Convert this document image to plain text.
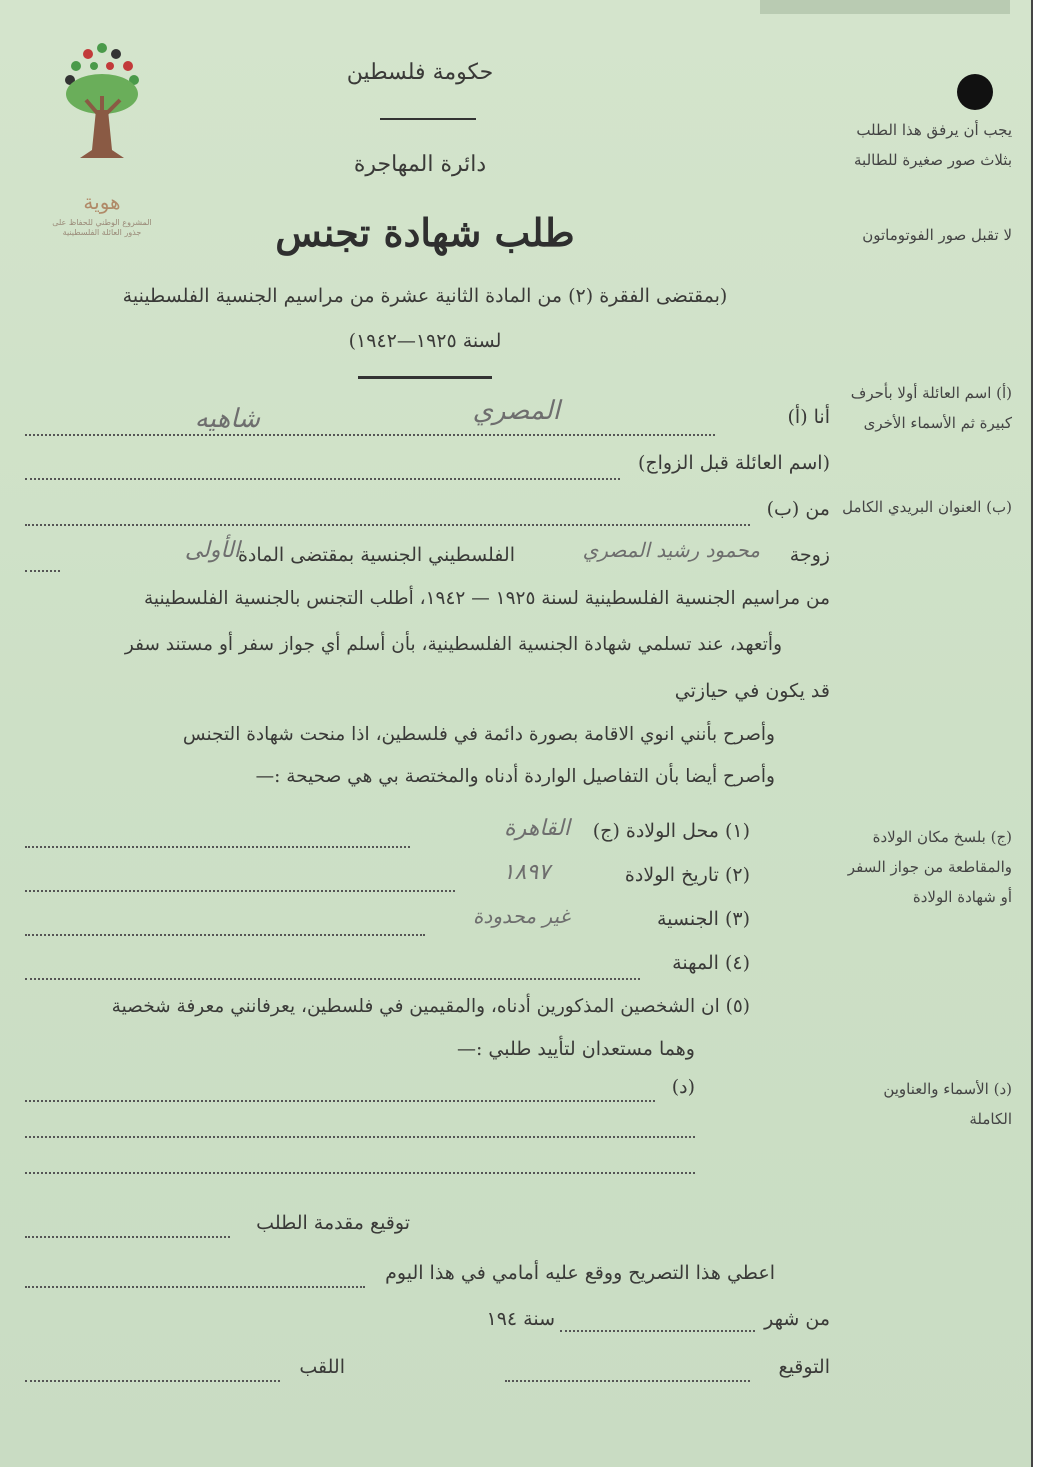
هوية
المشروع الوطني للحفاظ على جذور العائلة الفلسطينية
حكومة فلسطين
دائرة المهاجرة
طلب شهادة تجنس
(بمقتضى الفقرة (٢) من المادة الثانية عشرة من مراسيم الجنسية الفلسطينية
لسنة ١٩٢٥—١٩٤٢)
يجب أن يرفق هذا الطلب بثلاث صور صغيرة للطالبة
لا تقبل صور الفوتوماتون
(أ) اسم العائلة أولا بأحرف كبيرة ثم الأسماء الأخرى
(ب) العنوان البريدي الكامل
(ج) بلسخ مكان الولادة والمقاطعة من جواز السفر أو شهادة الولادة
(د) الأسماء والعناوين الكاملة
أنا (أ)
المصري
شاهيه
(اسم العائلة قبل الزواج)
من (ب)
زوجة
محمود رشيد المصري
الفلسطيني الجنسية بمقتضى المادة
الأولى
من مراسيم الجنسية الفلسطينية لسنة ١٩٢٥ — ١٩٤٢، أطلب التجنس بالجنسية الفلسطينية
وأتعهد، عند تسلمي شهادة الجنسية الفلسطينية، بأن أسلم أي جواز سفر أو مستند سفر
قد يكون في حيازتي
وأصرح بأنني انوي الاقامة بصورة دائمة في فلسطين، اذا منحت شهادة التجنس
وأصرح أيضا بأن التفاصيل الواردة أدناه والمختصة بي هي صحيحة :—
(١) محل الولادة (ج)
القاهرة
(٢) تاريخ الولادة
١٨٩٧
(٣) الجنسية
غير محدودة
(٤) المهنة
(٥) ان الشخصين المذكورين أدناه، والمقيمين في فلسطين، يعرفانني معرفة شخصية
وهما مستعدان لتأييد طلبي :—
(د)
توقيع مقدمة الطلب
اعطي هذا التصريح ووقع عليه أمامي في هذا اليوم
من شهر
سنة ١٩٤
التوقيع
اللقب
